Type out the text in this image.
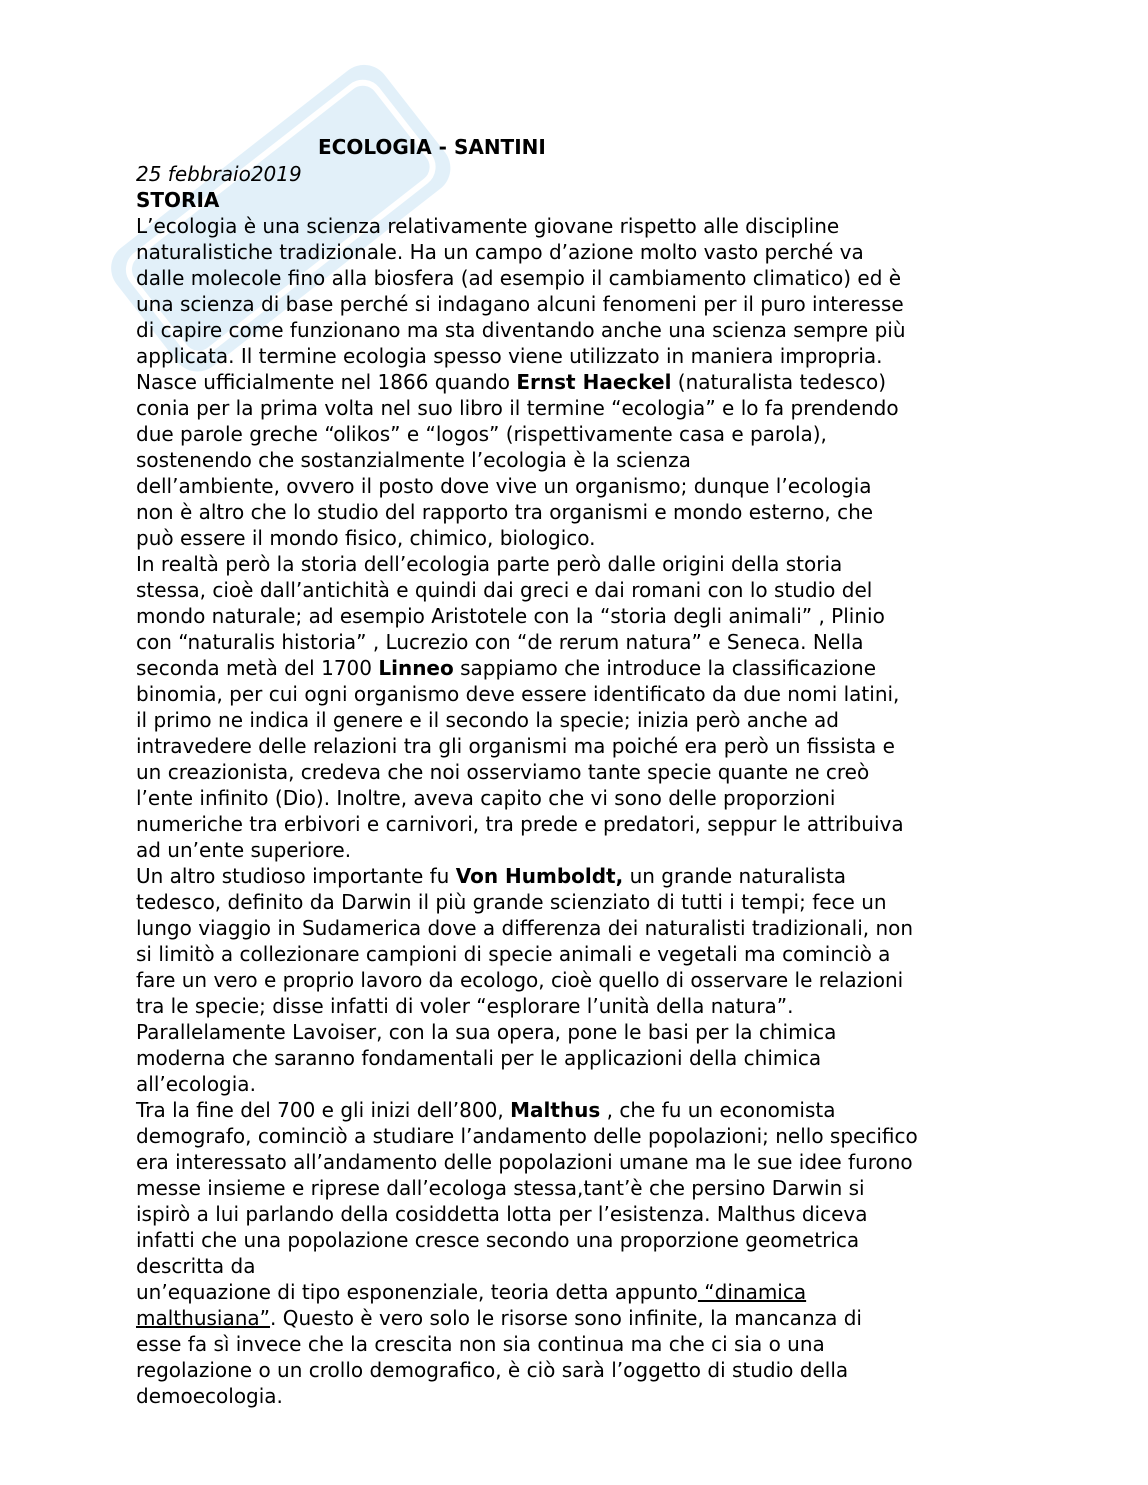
ECOLOGIA - SANTINI
25 febbraio2019
STORIA
L’ecologia è una scienza relativamente giovane rispetto alle discipline
naturalistiche tradizionale. Ha un campo d’azione molto vasto perché va
dalle molecole fino alla biosfera (ad esempio il cambiamento climatico) ed è
una scienza di base perché si indagano alcuni fenomeni per il puro interesse
di capire come funzionano ma sta diventando anche una scienza sempre più
applicata. Il termine ecologia spesso viene utilizzato in maniera impropria.
Nasce ufficialmente nel 1866 quando Ernst Haeckel (naturalista tedesco)
conia per la prima volta nel suo libro il termine “ecologia” e lo fa prendendo
due parole greche “olikos” e “logos” (rispettivamente casa e parola),
sostenendo che sostanzialmente l’ecologia è la scienza
dell’ambiente, ovvero il posto dove vive un organismo; dunque l’ecologia
non è altro che lo studio del rapporto tra organismi e mondo esterno, che
può essere il mondo fisico, chimico, biologico.
In realtà però la storia dell’ecologia parte però dalle origini della storia
stessa, cioè dall’antichità e quindi dai greci e dai romani con lo studio del
mondo naturale; ad esempio Aristotele con la “storia degli animali” , Plinio
con “naturalis historia” , Lucrezio con “de rerum natura” e Seneca. Nella
seconda metà del 1700 Linneo sappiamo che introduce la classificazione
binomia, per cui ogni organismo deve essere identificato da due nomi latini,
il primo ne indica il genere e il secondo la specie; inizia però anche ad
intravedere delle relazioni tra gli organismi ma poiché era però un fissista e
un creazionista, credeva che noi osserviamo tante specie quante ne creò
l’ente infinito (Dio). Inoltre, aveva capito che vi sono delle proporzioni
numeriche tra erbivori e carnivori, tra prede e predatori, seppur le attribuiva
ad un’ente superiore.
Un altro studioso importante fu Von Humboldt, un grande naturalista
tedesco, definito da Darwin il più grande scienziato di tutti i tempi; fece un
lungo viaggio in Sudamerica dove a differenza dei naturalisti tradizionali, non
si limitò a collezionare campioni di specie animali e vegetali ma cominciò a
fare un vero e proprio lavoro da ecologo, cioè quello di osservare le relazioni
tra le specie; disse infatti di voler “esplorare l’unità della natura”.
Parallelamente Lavoiser, con la sua opera, pone le basi per la chimica
moderna che saranno fondamentali per le applicazioni della chimica
all’ecologia.
Tra la fine del 700 e gli inizi dell’800, Malthus , che fu un economista
demografo, cominciò a studiare l’andamento delle popolazioni; nello specifico
era interessato all’andamento delle popolazioni umane ma le sue idee furono
messe insieme e riprese dall’ecologa stessa,tant’è che persino Darwin si
ispirò a lui parlando della cosiddetta lotta per l’esistenza. Malthus diceva
infatti che una popolazione cresce secondo una proporzione geometrica
descritta da
un’equazione di tipo esponenziale, teoria detta appunto “dinamica
malthusiana”. Questo è vero solo le risorse sono infinite, la mancanza di
esse fa sì invece che la crescita non sia continua ma che ci sia o una
regolazione o un crollo demografico, è ciò sarà l’oggetto di studio della
demoecologia.
